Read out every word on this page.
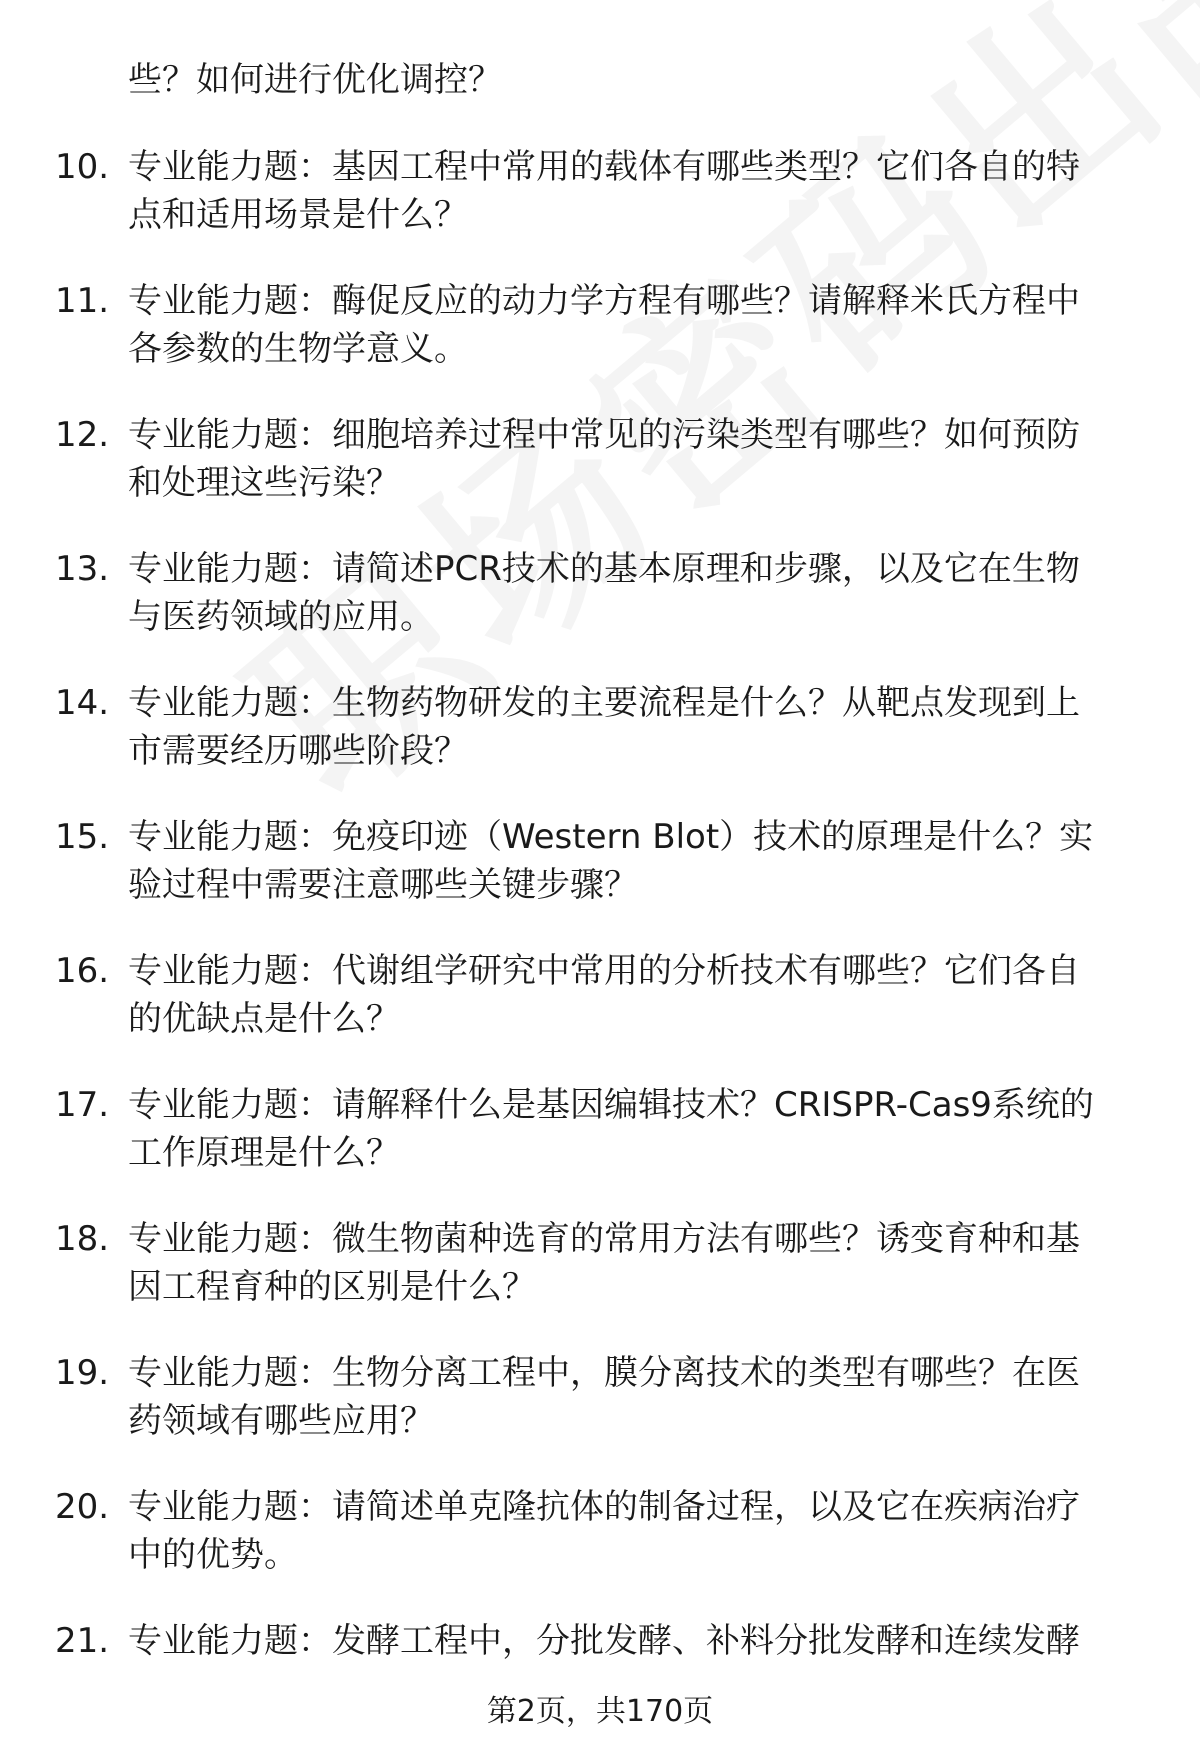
些？如何进行优化调控？
10. 专业能力题：基因工程中常用的载体有哪些类型？它们各自的特
点和适用场景是什么？
11. 专业能力题：酶促反应的动力学方程有哪些？请解释米氏方程中
各参数的生物学意义。
12. 专业能力题：细胞培养过程中常见的污染类型有哪些？如何预防
和处理这些污染？
13. 专业能力题：请简述PCR技术的基本原理和步骤，以及它在生物
与医药领域的应用。
14. 专业能力题：生物药物研发的主要流程是什么？从靶点发现到上
市需要经历哪些阶段？
15. 专业能力题：免疫印迹（Western Blot）技术的原理是什么？实
验过程中需要注意哪些关键步骤？
16. 专业能力题：代谢组学研究中常用的分析技术有哪些？它们各自
的优缺点是什么？
17. 专业能力题：请解释什么是基因编辑技术？CRISPR-Cas9系统的
工作原理是什么？
18. 专业能力题：微生物菌种选育的常用方法有哪些？诱变育种和基
因工程育种的区别是什么？
19. 专业能力题：生物分离工程中，膜分离技术的类型有哪些？在医
药领域有哪些应用？
20. 专业能力题：请简述单克隆抗体的制备过程，以及它在疾病治疗
中的优势。
21. 专业能力题：发酵工程中，分批发酵、补料分批发酵和连续发酵
第2页，共170页
